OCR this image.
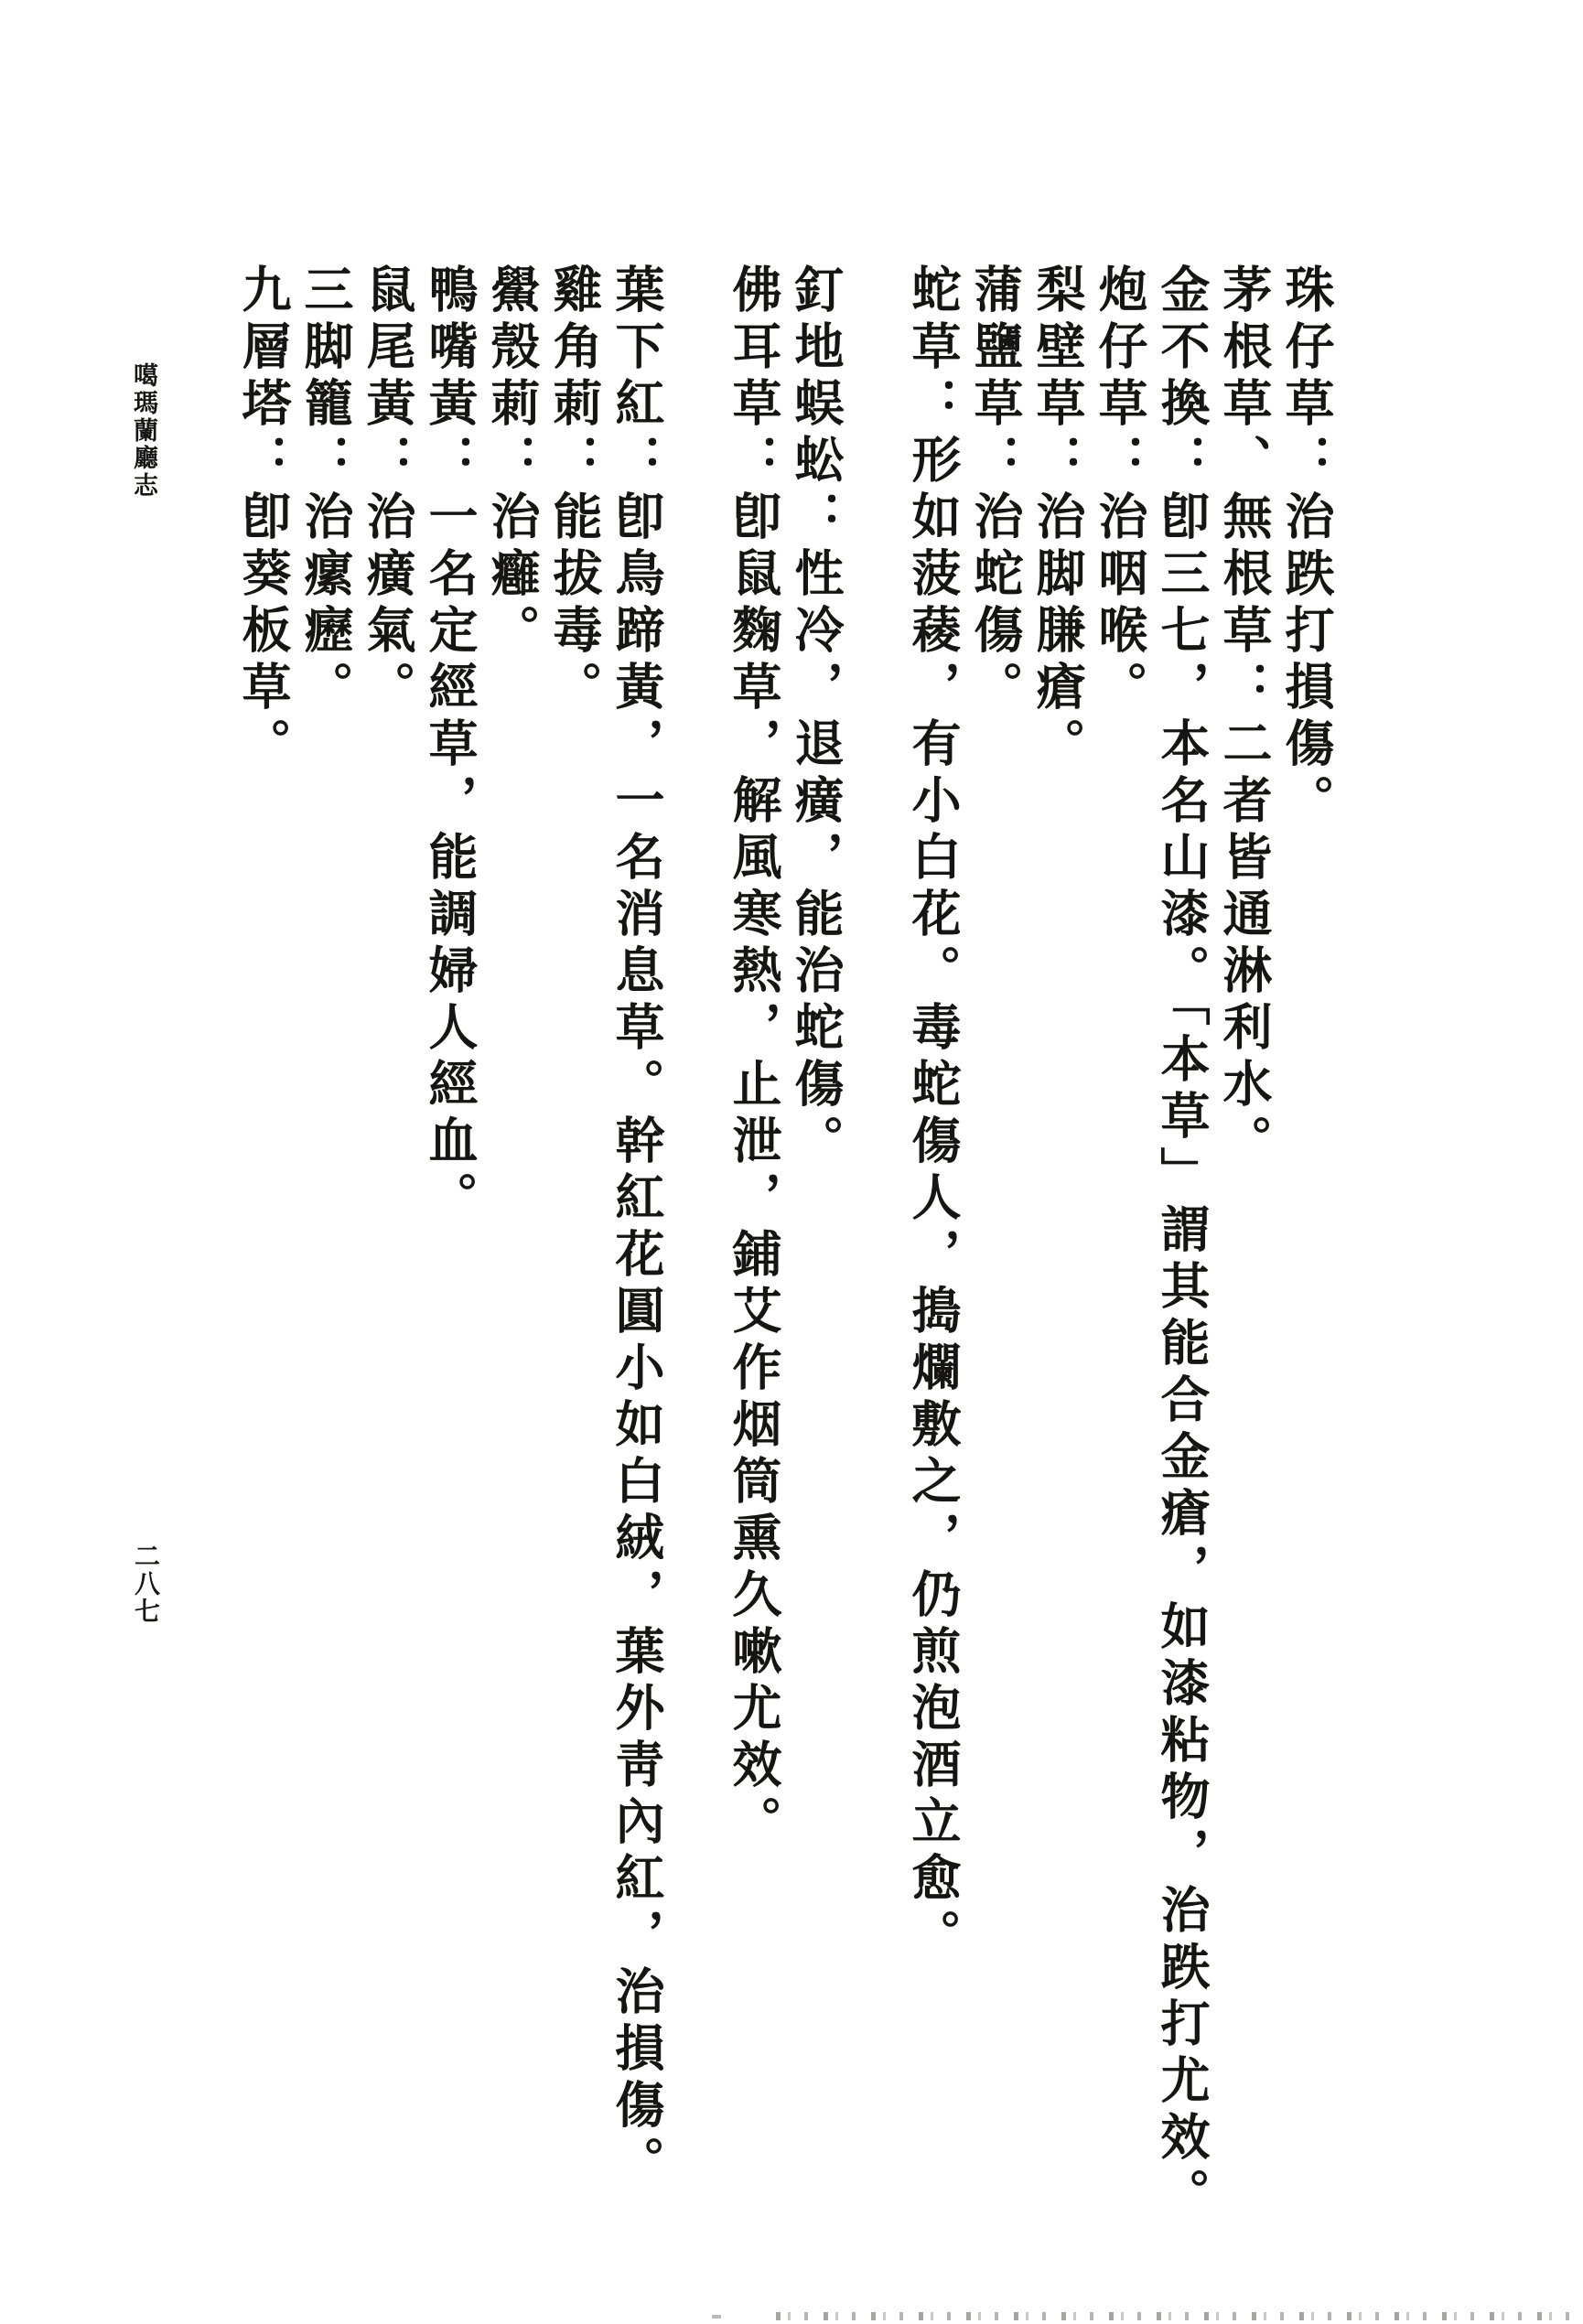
珠仔草：治跌打損傷。
茅根草、無根草：二者皆通淋利水。
金不換：卽三七，本名山漆。「本草」謂其能合金瘡，如漆粘物，治跌打尤效。
炮仔草：治咽喉。
梨壁草：治脚膁瘡。
蒲鹽草：治蛇傷。
蛇草：形如菠薐，有小白花。毒蛇傷人，搗爛敷之，仍煎泡酒立愈。
釘地蜈蚣：性冷，退癀，能治蛇傷。
佛耳草：卽鼠麴草，解風寒熱，止泄，鋪艾作烟筒熏久嗽尤效。
葉下紅：卽鳥蹄黃，一名消息草。幹紅花圓小如白絨，葉外靑內紅，治損傷。
雞角莿：能拔毒。
鱟殼莿：治癰。
鴨嘴黃：一名定經草，能調婦人經血。
鼠尾黃：治癀氣。
三脚籠：治瘰癧。
九層塔：卽葵板草。
噶瑪蘭廳志
二八七
